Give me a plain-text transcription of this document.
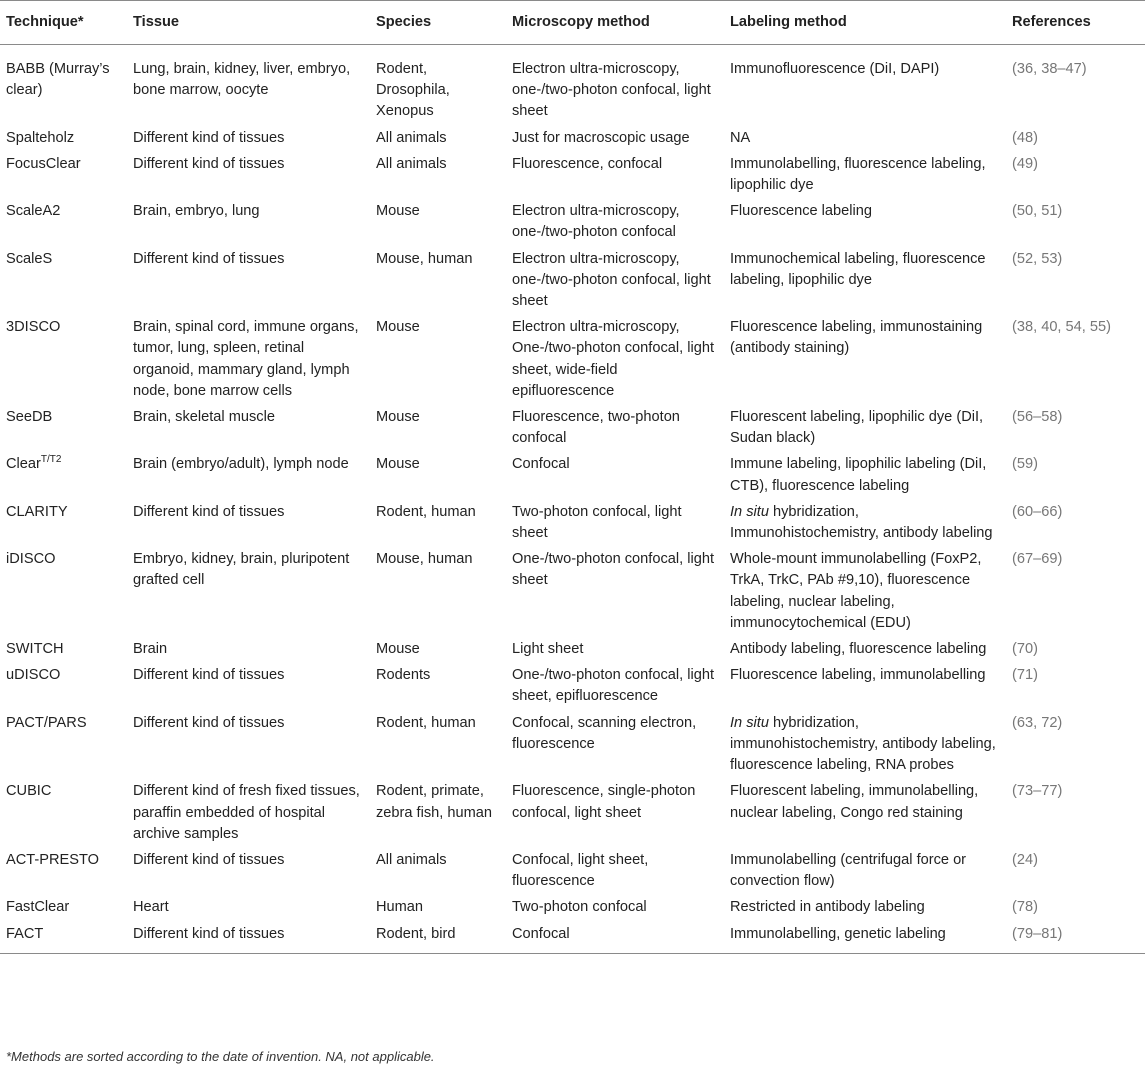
Technique*	Tissue	Species	Microscopy method	Labeling method	References
BABB (Murray’s clear)	Lung, brain, kidney, liver, embryo, bone marrow, oocyte	Rodent, Drosophila, Xenopus	Electron ultra-microscopy, one-/two-photon confocal, light sheet	Immunofluorescence (DiI, DAPI)	(36, 38–47)
Spalteholz	Different kind of tissues	All animals	Just for macroscopic usage	NA	(48)
FocusClear	Different kind of tissues	All animals	Fluorescence, confocal	Immunolabelling, fluorescence labeling, lipophilic dye	(49)
ScaleA2	Brain, embryo, lung	Mouse	Electron ultra-microscopy, one-/two-photon confocal	Fluorescence labeling	(50, 51)
ScaleS	Different kind of tissues	Mouse, human	Electron ultra-microscopy, one-/two-photon confocal, light sheet	Immunochemical labeling, fluorescence labeling, lipophilic dye	(52, 53)
3DISCO	Brain, spinal cord, immune organs, tumor, lung, spleen, retinal organoid, mammary gland, lymph node, bone marrow cells	Mouse	Electron ultra-microscopy, One-/two-photon confocal, light sheet, wide-field epifluorescence	Fluorescence labeling, immunostaining (antibody staining)	(38, 40, 54, 55)
SeeDB	Brain, skeletal muscle	Mouse	Fluorescence, two-photon confocal	Fluorescent labeling, lipophilic dye (DiI, Sudan black)	(56–58)
Clear$^{T/T2}$	Brain (embryo/adult), lymph node	Mouse	Confocal	Immune labeling, lipophilic labeling (DiI, CTB), fluorescence labeling	(59)
CLARITY	Different kind of tissues	Rodent, human	Two-photon confocal, light sheet	In situ hybridization, Immunohistochemistry, antibody labeling	(60–66)
iDISCO	Embryo, kidney, brain, pluripotent grafted cell	Mouse, human	One-/two-photon confocal, light sheet	Whole-mount immunolabelling (FoxP2, TrkA, TrkC, PAb #9,10), fluorescence labeling, nuclear labeling, immunocytochemical (EDU)	(67–69)
SWITCH	Brain	Mouse	Light sheet	Antibody labeling, fluorescence labeling	(70)
uDISCO	Different kind of tissues	Rodents	One-/two-photon confocal, light sheet, epifluorescence	Fluorescence labeling, immunolabelling	(71)
PACT/PARS	Different kind of tissues	Rodent, human	Confocal, scanning electron, fluorescence	In situ hybridization, immunohistochemistry, antibody labeling, fluorescence labeling, RNA probes	(63, 72)
CUBIC	Different kind of fresh fixed tissues, paraffin embedded of hospital archive samples	Rodent, primate, zebra fish, human	Fluorescence, single-photon confocal, light sheet	Fluorescent labeling, immunolabelling, nuclear labeling, Congo red staining	(73–77)
ACT-PRESTO	Different kind of tissues	All animals	Confocal, light sheet, fluorescence	Immunolabelling (centrifugal force or convection flow)	(24)
FastClear	Heart	Human	Two-photon confocal	Restricted in antibody labeling	(78)
FACT	Different kind of tissues	Rodent, bird	Confocal	Immunolabelling, genetic labeling	(79–81)
*Methods are sorted according to the date of invention. NA, not applicable.
